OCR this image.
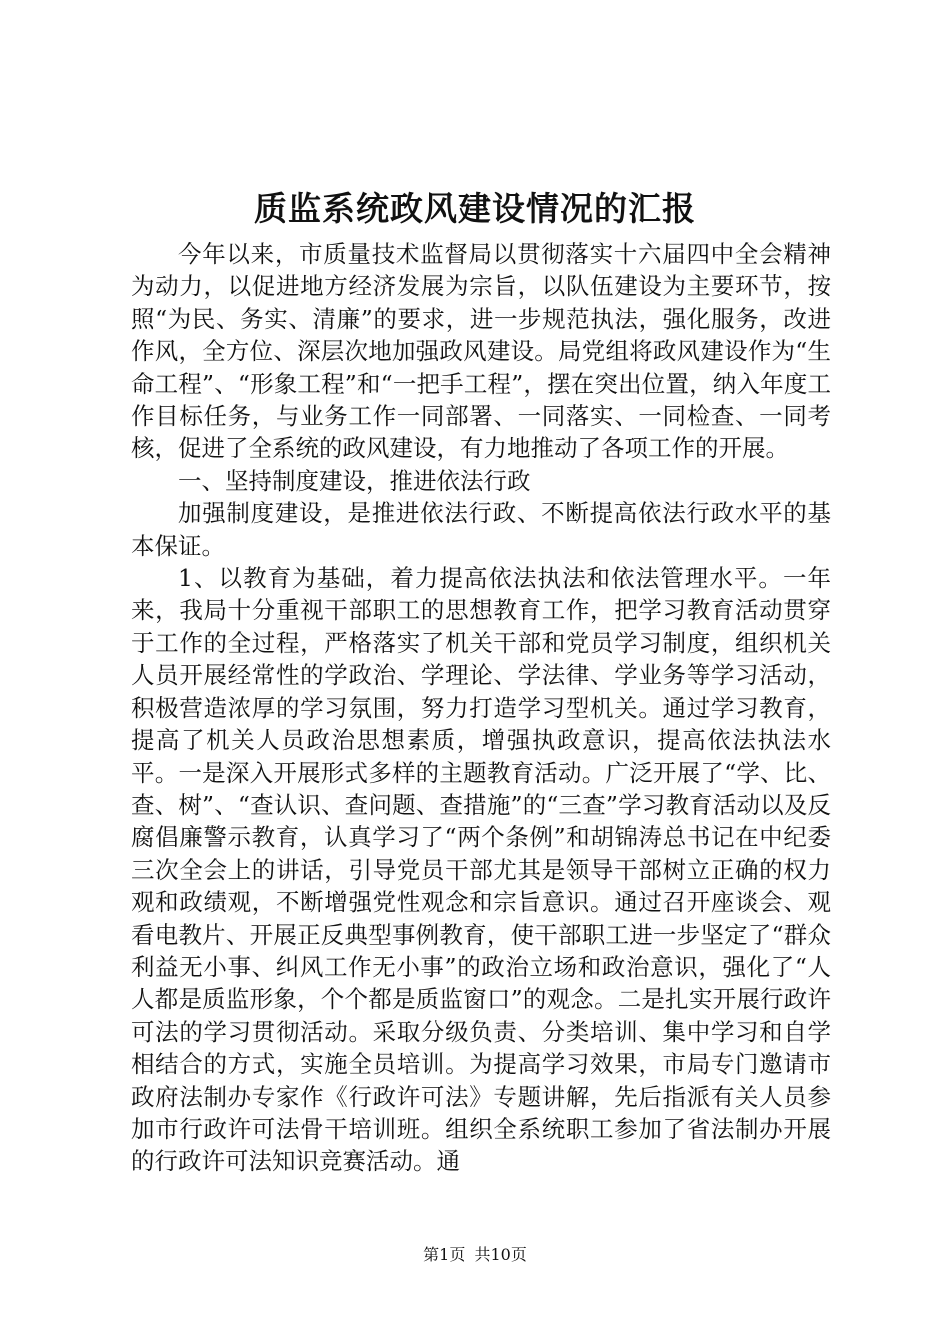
质监系统政风建设情况的汇报

今年以来，市质量技术监督局以贯彻落实十六届四中全会精神为动力，以促进地方经济发展为宗旨，以队伍建设为主要环节，按照“为民、务实、清廉”的要求，进一步规范执法，强化服务，改进作风，全方位、深层次地加强政风建设。局党组将政风建设作为“生命工程”、“形象工程”和“一把手工程”，摆在突出位置，纳入年度工作目标任务，与业务工作一同部署、一同落实、一同检查、一同考核，促进了全系统的政风建设，有力地推动了各项工作的开展。

一、坚持制度建设，推进依法行政

加强制度建设，是推进依法行政、不断提高依法行政水平的基本保证。

1、以教育为基础，着力提高依法执法和依法管理水平。一年来，我局十分重视干部职工的思想教育工作，把学习教育活动贯穿于工作的全过程，严格落实了机关干部和党员学习制度，组织机关人员开展经常性的学政治、学理论、学法律、学业务等学习活动，积极营造浓厚的学习氛围，努力打造学习型机关。通过学习教育，提高了机关人员政治思想素质，增强执政意识，提高依法执法水平。一是深入开展形式多样的主题教育活动。广泛开展了“学、比、查、树”、“查认识、查问题、查措施”的“三查”学习教育活动以及反腐倡廉警示教育，认真学习了“两个条例”和胡锦涛总书记在中纪委三次全会上的讲话，引导党员干部尤其是领导干部树立正确的权力观和政绩观，不断增强党性观念和宗旨意识。通过召开座谈会、观看电教片、开展正反典型事例教育，使干部职工进一步坚定了“群众利益无小事、纠风工作无小事”的政治立场和政治意识，强化了“人人都是质监形象，个个都是质监窗口”的观念。二是扎实开展行政许可法的学习贯彻活动。采取分级负责、分类培训、集中学习和自学相结合的方式，实施全员培训。为提高学习效果，市局专门邀请市政府法制办专家作《行政许可法》专题讲解，先后指派有关人员参加市行政许可法骨干培训班。组织全系统职工参加了省法制办开展的行政许可法知识竞赛活动。通

第1页 共10页
